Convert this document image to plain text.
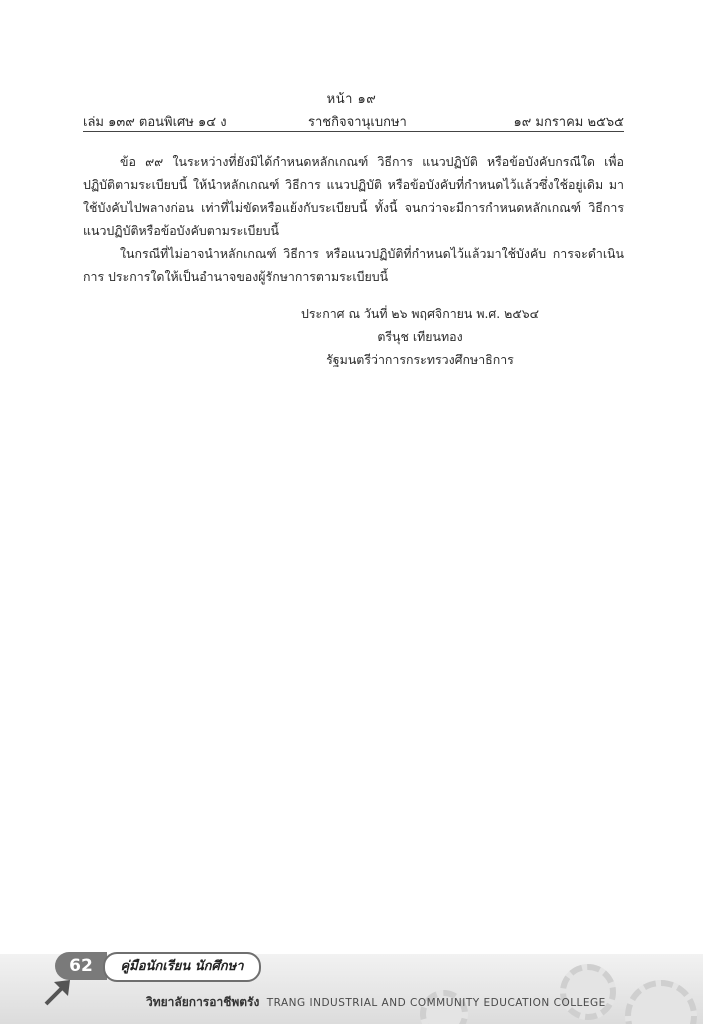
หน้า ๑๙
เล่ม ๑๓๙ ตอนพิเศษ ๑๔ ง	ราชกิจจานุเบกษา	๑๙ มกราคม ๒๕๖๕

ข้อ ๙๙ ในระหว่างที่ยังมิได้กำหนดหลักเกณฑ์ วิธีการ แนวปฏิบัติ หรือข้อบังคับกรณีใด เพื่อปฏิบัติตามระเบียบนี้ ให้นำหลักเกณฑ์ วิธีการ แนวปฏิบัติ หรือข้อบังคับที่กำหนดไว้แล้วซึ่งใช้อยู่เดิม มาใช้บังคับไปพลางก่อน เท่าที่ไม่ขัดหรือแย้งกับระเบียบนี้ ทั้งนี้ จนกว่าจะมีการกำหนดหลักเกณฑ์ วิธีการ แนวปฏิบัติหรือข้อบังคับตามระเบียบนี้

ในกรณีที่ไม่อาจนำหลักเกณฑ์ วิธีการ หรือแนวปฏิบัติที่กำหนดไว้แล้วมาใช้บังคับ การจะดำเนินการ ประการใดให้เป็นอำนาจของผู้รักษาการตามระเบียบนี้

ประกาศ ณ วันที่ ๒๖ พฤศจิกายน พ.ศ. ๒๕๖๔
ตรีนุช เทียนทอง
รัฐมนตรีว่าการกระทรวงศึกษาธิการ
62	คู่มือนักเรียน นักศึกษา
วิทยาลัยการอาชีพตรัง TRANG INDUSTRIAL AND COMMUNITY EDUCATION COLLEGE
